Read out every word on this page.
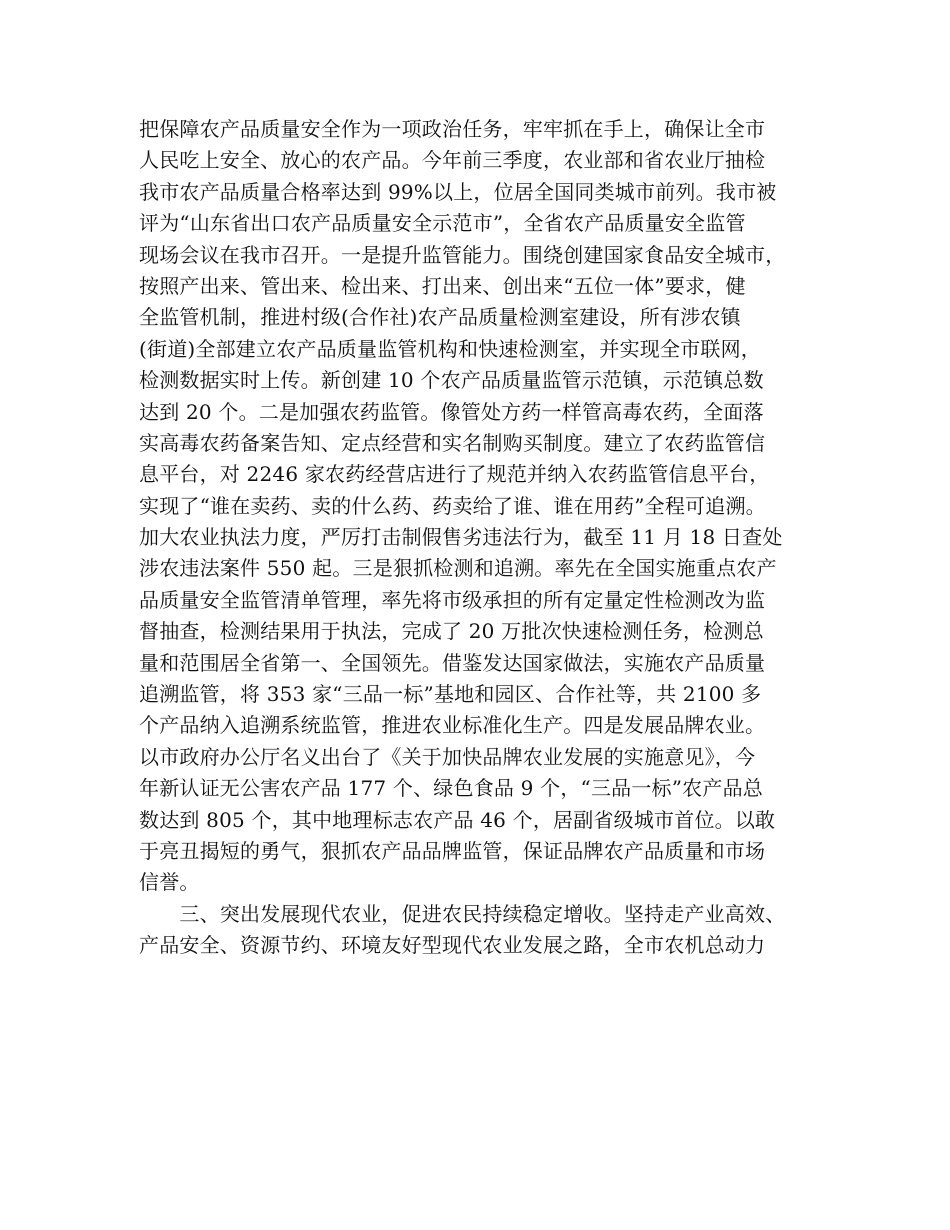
把保障农产品质量安全作为一项政治任务，牢牢抓在手上，确保让全市
人民吃上安全、放心的农产品。今年前三季度，农业部和省农业厅抽检
我市农产品质量合格率达到 99%以上，位居全国同类城市前列。我市被
评为“山东省出口农产品质量安全示范市”，全省农产品质量安全监管
现场会议在我市召开。一是提升监管能力。围绕创建国家食品安全城市，
按照产出来、管出来、检出来、打出来、创出来“五位一体”要求，健
全监管机制，推进村级(合作社)农产品质量检测室建设，所有涉农镇
(街道)全部建立农产品质量监管机构和快速检测室，并实现全市联网，
检测数据实时上传。新创建 10 个农产品质量监管示范镇，示范镇总数
达到 20 个。二是加强农药监管。像管处方药一样管高毒农药，全面落
实高毒农药备案告知、定点经营和实名制购买制度。建立了农药监管信
息平台，对 2246 家农药经营店进行了规范并纳入农药监管信息平台，
实现了“谁在卖药、卖的什么药、药卖给了谁、谁在用药”全程可追溯。
加大农业执法力度，严厉打击制假售劣违法行为，截至 11 月 18 日查处
涉农违法案件 550 起。三是狠抓检测和追溯。率先在全国实施重点农产
品质量安全监管清单管理，率先将市级承担的所有定量定性检测改为监
督抽查，检测结果用于执法，完成了 20 万批次快速检测任务，检测总
量和范围居全省第一、全国领先。借鉴发达国家做法，实施农产品质量
追溯监管，将 353 家“三品一标”基地和园区、合作社等，共 2100 多
个产品纳入追溯系统监管，推进农业标准化生产。四是发展品牌农业。
以市政府办公厅名义出台了《关于加快品牌农业发展的实施意见》，今
年新认证无公害农产品 177 个、绿色食品 9 个，“三品一标”农产品总
数达到 805 个，其中地理标志农产品 46 个，居副省级城市首位。以敢
于亮丑揭短的勇气，狠抓农产品品牌监管，保证品牌农产品质量和市场
信誉。
　　三、突出发展现代农业，促进农民持续稳定增收。坚持走产业高效、
产品安全、资源节约、环境友好型现代农业发展之路，全市农机总动力
